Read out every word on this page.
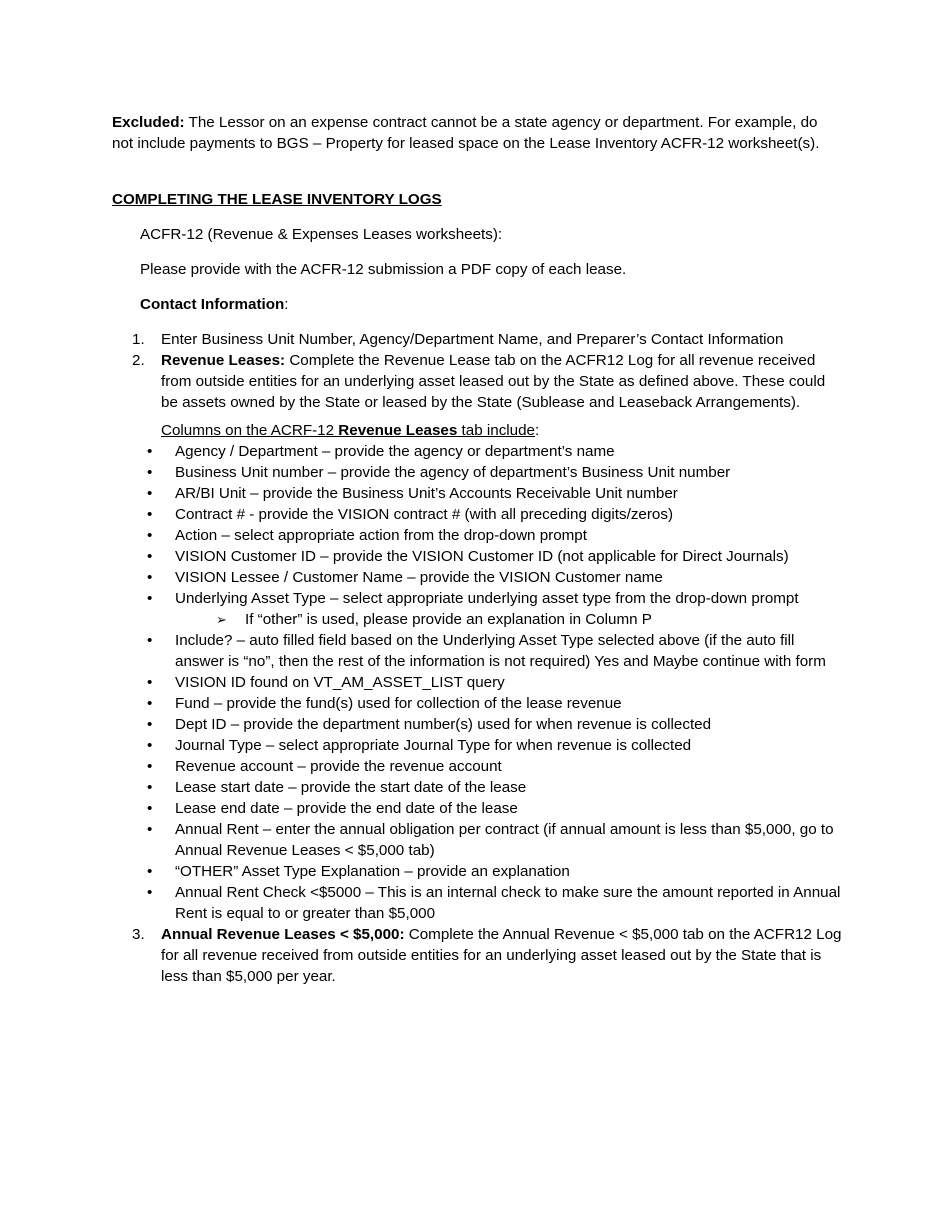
Excluded: The Lessor on an expense contract cannot be a state agency or department. For example, do not include payments to BGS – Property for leased space on the Lease Inventory ACFR-12 worksheet(s).

COMPLETING THE LEASE INVENTORY LOGS

ACFR-12 (Revenue & Expenses Leases worksheets):

Please provide with the ACFR-12 submission a PDF copy of each lease.

Contact Information:

1. Enter Business Unit Number, Agency/Department Name, and Preparer’s Contact Information
2. Revenue Leases: Complete the Revenue Lease tab on the ACFR12 Log for all revenue received from outside entities for an underlying asset leased out by the State as defined above. These could be assets owned by the State or leased by the State (Sublease and Leaseback Arrangements).

Columns on the ACRF-12 Revenue Leases tab include:

• Agency / Department – provide the agency or department’s name
• Business Unit number – provide the agency of department’s Business Unit number
• AR/BI Unit – provide the Business Unit’s Accounts Receivable Unit number
• Contract # - provide the VISION contract # (with all preceding digits/zeros)
• Action – select appropriate action from the drop-down prompt
• VISION Customer ID – provide the VISION Customer ID (not applicable for Direct Journals)
• VISION Lessee / Customer Name – provide the VISION Customer name
• Underlying Asset Type – select appropriate underlying asset type from the drop-down prompt
➢ If “other” is used, please provide an explanation in Column P
• Include? – auto filled field based on the Underlying Asset Type selected above (if the auto fill answer is “no”, then the rest of the information is not required) Yes and Maybe continue with form
• VISION ID found on VT_AM_ASSET_LIST query
• Fund – provide the fund(s) used for collection of the lease revenue
• Dept ID – provide the department number(s) used for when revenue is collected
• Journal Type – select appropriate Journal Type for when revenue is collected
• Revenue account – provide the revenue account
• Lease start date – provide the start date of the lease
• Lease end date – provide the end date of the lease
• Annual Rent – enter the annual obligation per contract (if annual amount is less than $5,000, go to Annual Revenue Leases < $5,000 tab)
• “OTHER” Asset Type Explanation – provide an explanation
• Annual Rent Check <$5000 – This is an internal check to make sure the amount reported in Annual Rent is equal to or greater than $5,000
3. Annual Revenue Leases < $5,000: Complete the Annual Revenue < $5,000 tab on the ACFR12 Log for all revenue received from outside entities for an underlying asset leased out by the State that is less than $5,000 per year.
